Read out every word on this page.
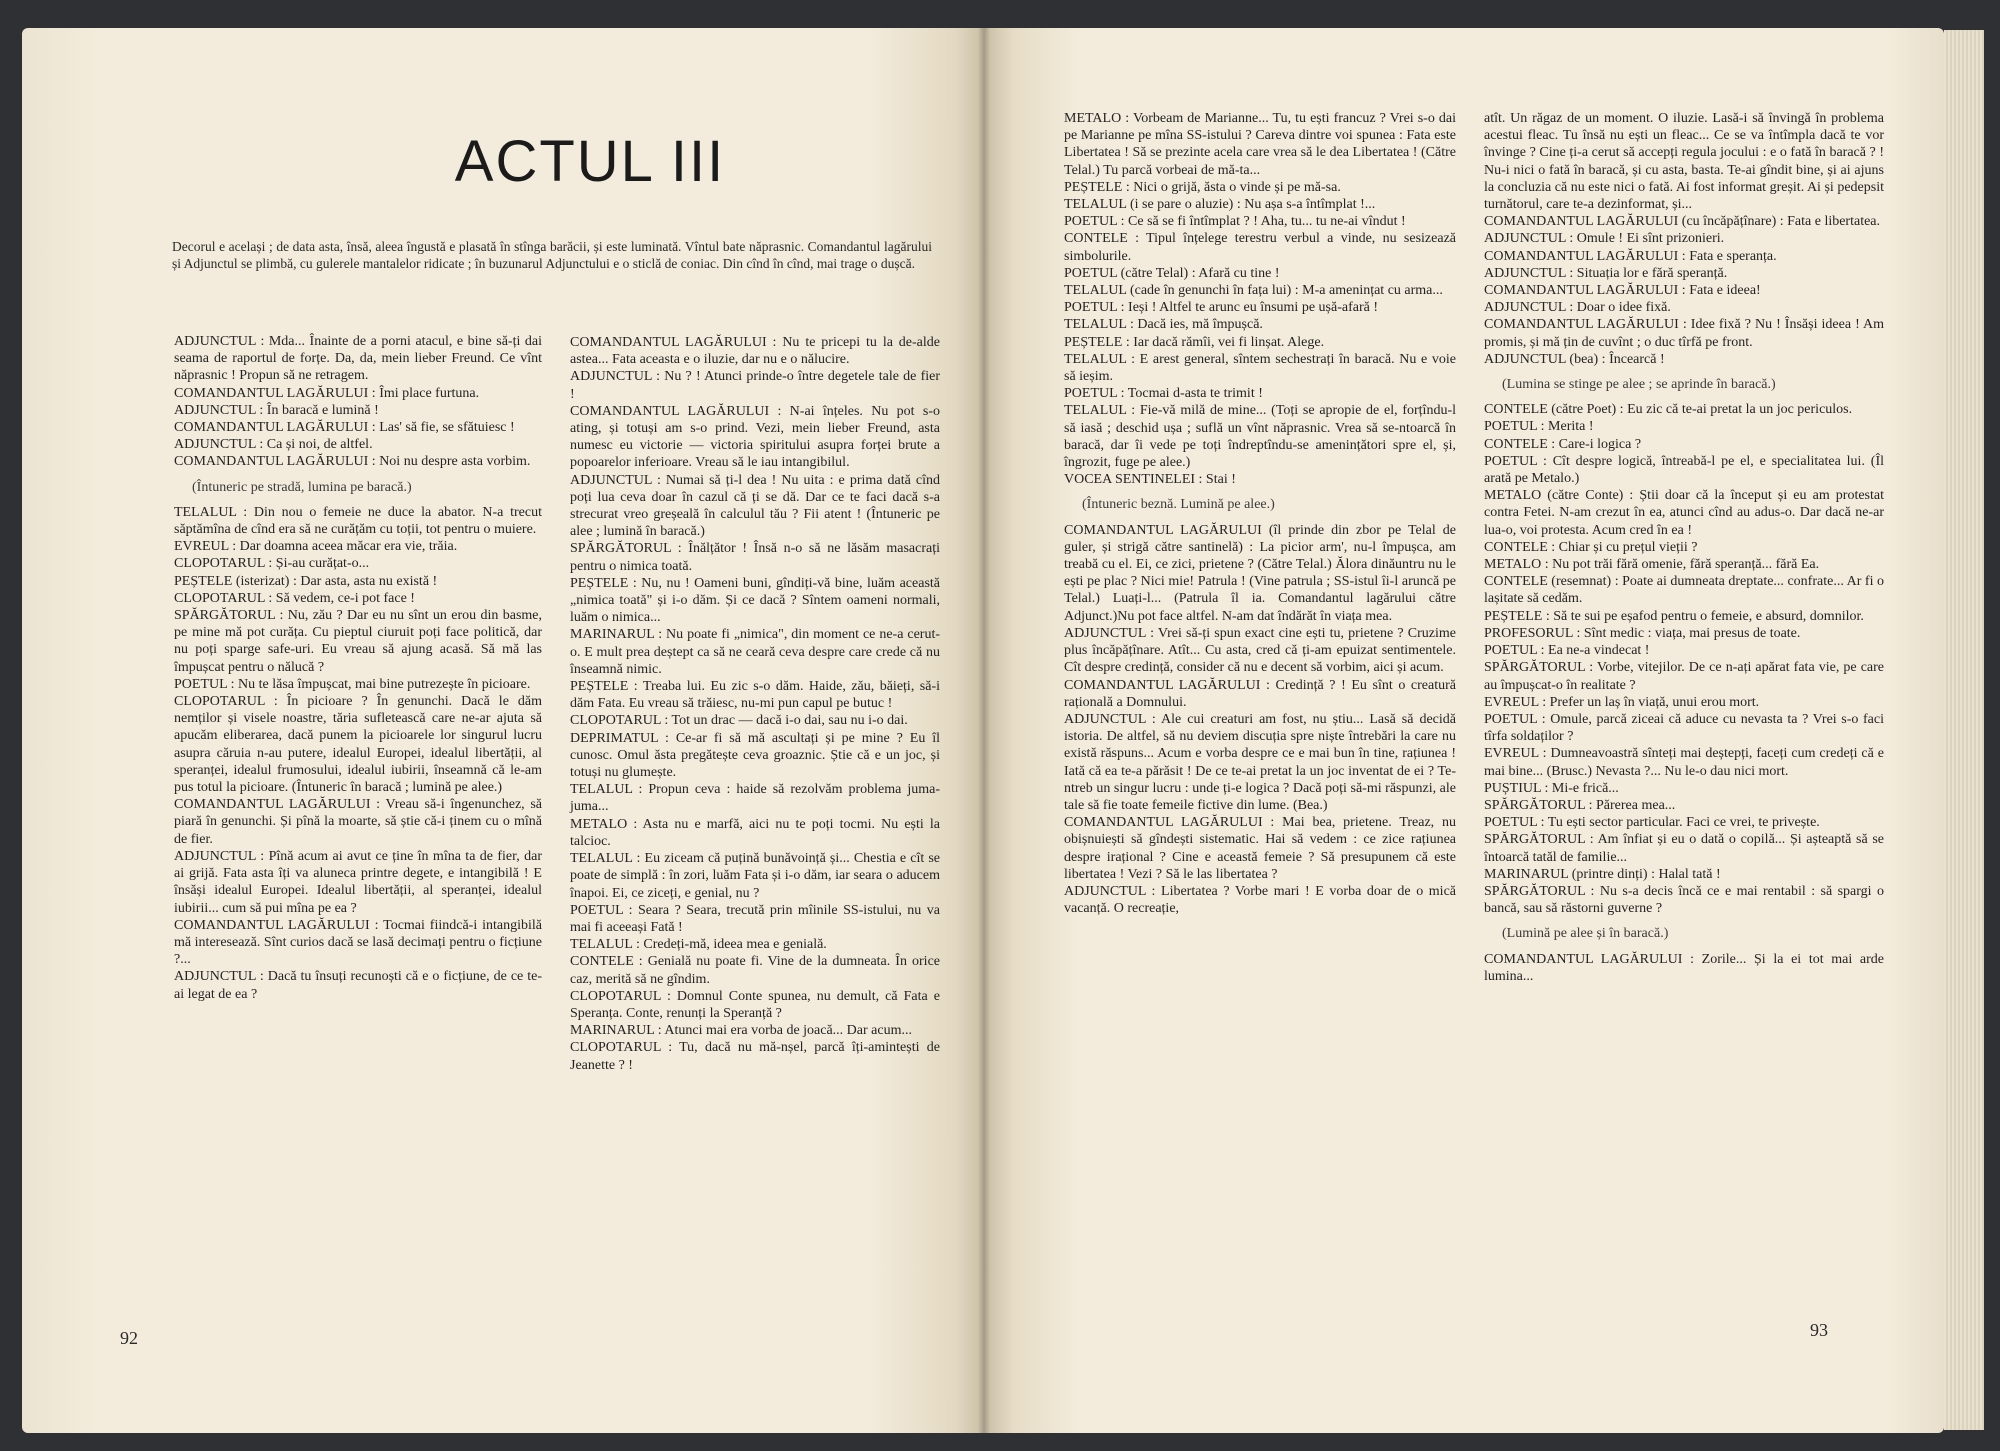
ACTUL III
Decorul e același ; de data asta, însă, aleea îngustă e plasată în stînga barăcii, și este luminată. Vîntul bate năprasnic. Comandantul lagărului și Adjunctul se plimbă, cu gulerele mantalelor ridicate ; în buzunarul Adjunctului e o sticlă de coniac. Din cînd în cînd, mai trage o dușcă.

ADJUNCTUL : Mda... Înainte de a porni atacul, e bine să-ți dai seama de raportul de forțe. Da, da, mein lieber Freund. Ce vînt năprasnic ! Propun să ne retragem.

COMANDANTUL LAGĂRULUI : Îmi place furtuna.

ADJUNCTUL : În baracă e lumină !

COMANDANTUL LAGĂRULUI : Las' să fie, se sfătuiesc !

ADJUNCTUL : Ca și noi, de altfel.

COMANDANTUL LAGĂRULUI : Noi nu despre asta vorbim.

(Întuneric pe stradă, lumina pe baracă.)

TELALUL : Din nou o femeie ne duce la abator. N-a trecut săptămîna de cînd era să ne curățăm cu toții, tot pentru o muiere.

EVREUL : Dar doamna aceea măcar era vie, trăia.

CLOPOTARUL : Și-au curățat-o...

PEȘTELE (isterizat) : Dar asta, asta nu există !

CLOPOTARUL : Să vedem, ce-i pot face !

SPĂRGĂTORUL : Nu, zău ? Dar eu nu sînt un erou din basme, pe mine mă pot curăța. Cu pieptul ciuruit poți face politică, dar nu poți sparge safe-uri. Eu vreau să ajung acasă. Să mă las împușcat pentru o nălucă ?

POETUL : Nu te lăsa împușcat, mai bine putrezește în picioare.

CLOPOTARUL : În picioare ? În genunchi. Dacă le dăm nemților și visele noastre, tăria sufletească care ne-ar ajuta să apucăm eliberarea, dacă punem la picioarele lor singurul lucru asupra căruia n-au putere, idealul Europei, idealul libertății, al speranței, idealul frumosului, idealul iubirii, înseamnă că le-am pus totul la picioare. (Întuneric în baracă ; lumină pe alee.)

COMANDANTUL LAGĂRULUI : Vreau să-i îngenunchez, să piară în genunchi. Și pînă la moarte, să știe că-i ținem cu o mînă de fier.

ADJUNCTUL : Pînă acum ai avut ce ține în mîna ta de fier, dar ai grijă. Fata asta îți va aluneca printre degete, e intangibilă ! E însăși idealul Europei. Idealul libertății, al speranței, idealul iubirii... cum să pui mîna pe ea ?

COMANDANTUL LAGĂRULUI : Tocmai fiindcă-i intangibilă mă interesează. Sînt curios dacă se lasă decimați pentru o ficțiune ?...

ADJUNCTUL : Dacă tu însuți recunoști că e o ficțiune, de ce te-ai legat de ea ?

COMANDANTUL LAGĂRULUI : Nu te pricepi tu la de-alde astea... Fata aceasta e o iluzie, dar nu e o nălucire.

ADJUNCTUL : Nu ? ! Atunci prinde-o între degetele tale de fier !

COMANDANTUL LAGĂRULUI : N-ai înțeles. Nu pot s-o ating, și totuși am s-o prind. Vezi, mein lieber Freund, asta numesc eu victorie — victoria spiritului asupra forței brute a popoarelor inferioare. Vreau să le iau intangibilul.

ADJUNCTUL : Numai să ți-l dea ! Nu uita : e prima dată cînd poți lua ceva doar în cazul că ți se dă. Dar ce te faci dacă s-a strecurat vreo greșeală în calculul tău ? Fii atent ! (Întuneric pe alee ; lumină în baracă.)

SPĂRGĂTORUL : Înălțător ! Însă n-o să ne lăsăm masacrați pentru o nimica toată.

PEȘTELE : Nu, nu ! Oameni buni, gîndiți-vă bine, luăm această „nimica toată" și i-o dăm. Și ce dacă ? Sîntem oameni normali, luăm o nimica...

MARINARUL : Nu poate fi „nimica", din moment ce ne-a cerut-o. E mult prea deștept ca să ne ceară ceva despre care crede că nu înseamnă nimic.

PEȘTELE : Treaba lui. Eu zic s-o dăm. Haide, zău, băieți, să-i dăm Fata. Eu vreau să trăiesc, nu-mi pun capul pe butuc !

CLOPOTARUL : Tot un drac — dacă i-o dai, sau nu i-o dai.

DEPRIMATUL : Ce-ar fi să mă ascultați și pe mine ? Eu îl cunosc. Omul ăsta pregătește ceva groaznic. Știe că e un joc, și totuși nu glumește.

TELALUL : Propun ceva : haide să rezolvăm problema juma-juma...

METALO : Asta nu e marfă, aici nu te poți tocmi. Nu ești la talcioc.

TELALUL : Eu ziceam că puțină bunăvoință și... Chestia e cît se poate de simplă : în zori, luăm Fata și i-o dăm, iar seara o aducem înapoi. Ei, ce ziceți, e genial, nu ?

POETUL : Seara ? Seara, trecută prin mîinile SS-istului, nu va mai fi aceeași Fată !

TELALUL : Credeți-mă, ideea mea e genială.

CONTELE : Genială nu poate fi. Vine de la dumneata. În orice caz, merită să ne gîndim.

CLOPOTARUL : Domnul Conte spunea, nu demult, că Fata e Speranța. Conte, renunți la Speranță ?

MARINARUL : Atunci mai era vorba de joacă... Dar acum...

CLOPOTARUL : Tu, dacă nu mă-nșel, parcă îți-amintești de Jeanette ? !

METALO : Vorbeam de Marianne... Tu, tu ești francuz ? Vrei s-o dai pe Marianne pe mîna SS-istului ? Careva dintre voi spunea : Fata este Libertatea ! Să se prezinte acela care vrea să le dea Libertatea ! (Către Telal.) Tu parcă vorbeai de mă-ta...

PEȘTELE : Nici o grijă, ăsta o vinde și pe mă-sa.

TELALUL (i se pare o aluzie) : Nu așa s-a întîmplat !...

POETUL : Ce să se fi întîmplat ? ! Aha, tu... tu ne-ai vîndut !

CONTELE : Tipul înțelege terestru verbul a vinde, nu sesizează simbolurile.

POETUL (către Telal) : Afară cu tine !

TELALUL (cade în genunchi în fața lui) : M-a amenințat cu arma...

POETUL : Ieși ! Altfel te arunc eu însumi pe ușă-afară !

TELALUL : Dacă ies, mă împușcă.

PEȘTELE : Iar dacă rămîi, vei fi linșat. Alege.

TELALUL : E arest general, sîntem sechestrați în baracă. Nu e voie să ieșim.

POETUL : Tocmai d-asta te trimit !

TELALUL : Fie-vă milă de mine... (Toți se apropie de el, forțîndu-l să iasă ; deschid ușa ; suflă un vînt năprasnic. Vrea să se-ntoarcă în baracă, dar îi vede pe toți îndreptîndu-se amenințători spre el, și, îngrozit, fuge pe alee.)

VOCEA SENTINELEI : Stai !

(Întuneric beznă. Lumină pe alee.)

COMANDANTUL LAGĂRULUI (îl prinde din zbor pe Telal de guler, și strigă către santinelă) : La picior arm', nu-l împușca, am treabă cu el. Ei, ce zici, prietene ? (Către Telal.) Ălora dinăuntru nu le ești pe plac ? Nici mie! Patrula ! (Vine patrula ; SS-istul îi-l aruncă pe Telal.) Luați-l... (Patrula îl ia. Comandantul lagărului către Adjunct.)Nu pot face altfel. N-am dat îndărăt în viața mea.

ADJUNCTUL : Vrei să-ți spun exact cine ești tu, prietene ? Cruzime plus încăpățînare. Atît... Cu asta, cred că ți-am epuizat sentimentele. Cît despre credință, consider că nu e decent să vorbim, aici și acum.

COMANDANTUL LAGĂRULUI : Credință ? ! Eu sînt o creatură rațională a Domnului.

ADJUNCTUL : Ale cui creaturi am fost, nu știu... Lasă să decidă istoria. De altfel, să nu deviem discuția spre niște întrebări la care nu există răspuns... Acum e vorba despre ce e mai bun în tine, rațiunea ! Iată că ea te-a părăsit ! De ce te-ai pretat la un joc inventat de ei ? Te-ntreb un singur lucru : unde ți-e logica ? Dacă poți să-mi răspunzi, ale tale să fie toate femeile fictive din lume. (Bea.)

COMANDANTUL LAGĂRULUI : Mai bea, prietene. Treaz, nu obișnuiești să gîndești sistematic. Hai să vedem : ce zice rațiunea despre irațional ? Cine e această femeie ? Să presupunem că este libertatea ! Vezi ? Să le las libertatea ?

ADJUNCTUL : Libertatea ? Vorbe mari ! E vorba doar de o mică vacanță. O recreație,

atît. Un răgaz de un moment. O iluzie. Lasă-i să învingă în problema acestui fleac. Tu însă nu ești un fleac... Ce se va întîmpla dacă te vor învinge ? Cine ți-a cerut să accepți regula jocului : e o fată în baracă ? ! Nu-i nici o fată în baracă, și cu asta, basta. Te-ai gîndit bine, și ai ajuns la concluzia că nu este nici o fată. Ai fost informat greșit. Ai și pedepsit turnătorul, care te-a dezinformat, și...

COMANDANTUL LAGĂRULUI (cu încăpățînare) : Fata e libertatea.

ADJUNCTUL : Omule ! Ei sînt prizonieri.

COMANDANTUL LAGĂRULUI : Fata e speranța.

ADJUNCTUL : Situația lor e fără speranță.

COMANDANTUL LAGĂRULUI : Fata e ideea!

ADJUNCTUL : Doar o idee fixă.

COMANDANTUL LAGĂRULUI : Idee fixă ? Nu ! Însăși ideea ! Am promis, și mă țin de cuvînt ; o duc tîrfă pe front.

ADJUNCTUL (bea) : Încearcă !

(Lumina se stinge pe alee ; se aprinde în baracă.)

CONTELE (către Poet) : Eu zic că te-ai pretat la un joc periculos.

POETUL : Merita !

CONTELE : Care-i logica ?

POETUL : Cît despre logică, întreabă-l pe el, e specialitatea lui. (Îl arată pe Metalo.)

METALO (către Conte) : Știi doar că la început și eu am protestat contra Fetei. N-am crezut în ea, atunci cînd au adus-o. Dar dacă ne-ar lua-o, voi protesta. Acum cred în ea !

CONTELE : Chiar și cu prețul vieții ?

METALO : Nu pot trăi fără omenie, fără speranță... fără Ea.

CONTELE (resemnat) : Poate ai dumneata dreptate... confrate... Ar fi o lașitate să cedăm.

PEȘTELE : Să te sui pe eșafod pentru o femeie, e absurd, domnilor.

PROFESORUL : Sînt medic : viața, mai presus de toate.

POETUL : Ea ne-a vindecat !

SPĂRGĂTORUL : Vorbe, vitejilor. De ce n-ați apărat fata vie, pe care au împușcat-o în realitate ?

EVREUL : Prefer un laș în viață, unui erou mort.

POETUL : Omule, parcă ziceai că aduce cu nevasta ta ? Vrei s-o faci tîrfa soldaților ?

EVREUL : Dumneavoastră sînteți mai deștepți, faceți cum credeți că e mai bine... (Brusc.) Nevasta ?... Nu le-o dau nici mort.

PUȘTIUL : Mi-e frică...

SPĂRGĂTORUL : Părerea mea...

POETUL : Tu ești sector particular. Faci ce vrei, te privește.

SPĂRGĂTORUL : Am înfiat și eu o dată o copilă... Și așteaptă să se întoarcă tatăl de familie...

MARINARUL (printre dinți) : Halal tată !

SPĂRGĂTORUL : Nu s-a decis încă ce e mai rentabil : să spargi o bancă, sau să răstorni guverne ?

(Lumină pe alee și în baracă.)

COMANDANTUL LAGĂRULUI : Zorile... Și la ei tot mai arde lumina...

92	93
